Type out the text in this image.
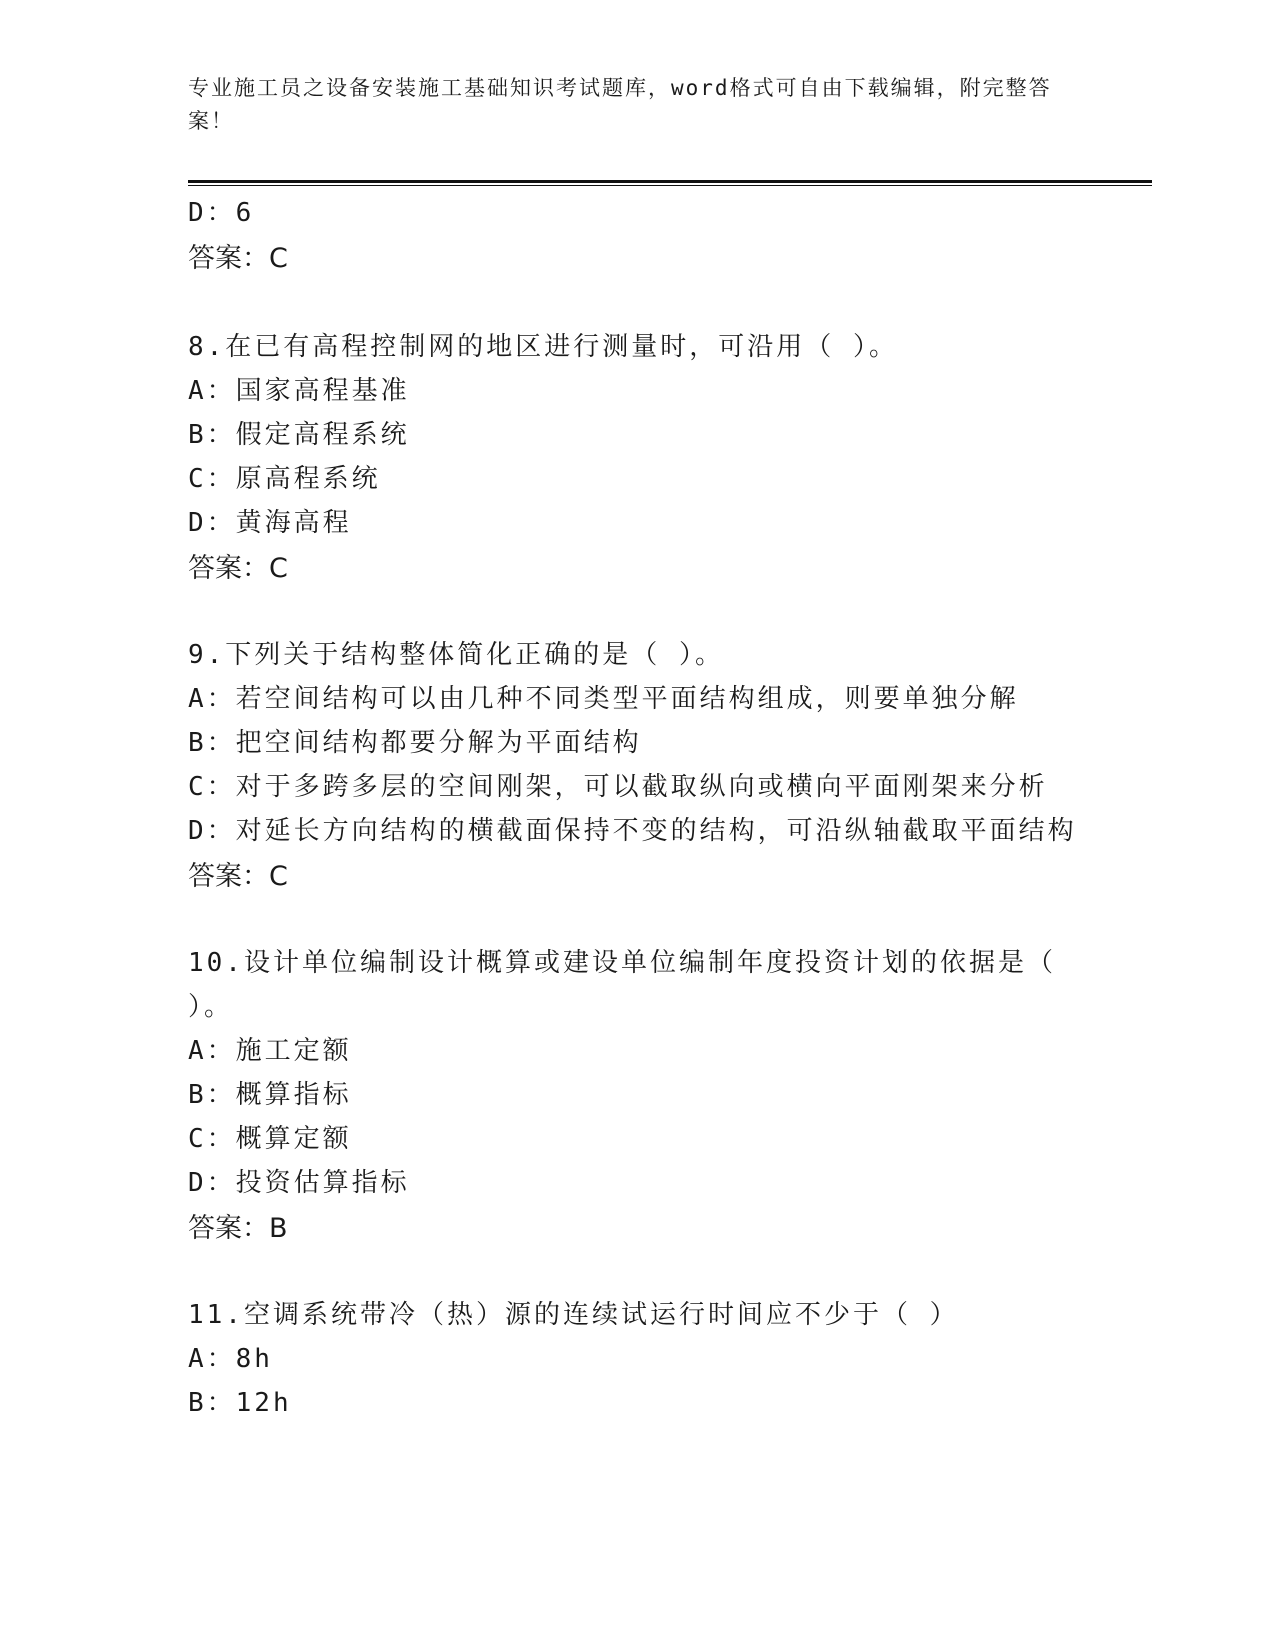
专业施工员之设备安装施工基础知识考试题库，word格式可自由下载编辑，附完整答案！
D：6
答案：C
8.在已有高程控制网的地区进行测量时，可沿用（ ）。
A：国家高程基准
B：假定高程系统
C：原高程系统
D：黄海高程
答案：C
9.下列关于结构整体简化正确的是（ ）。
A：若空间结构可以由几种不同类型平面结构组成，则要单独分解
B：把空间结构都要分解为平面结构
C：对于多跨多层的空间刚架，可以截取纵向或横向平面刚架来分析
D：对延长方向结构的横截面保持不变的结构，可沿纵轴截取平面结构
答案：C
10.设计单位编制设计概算或建设单位编制年度投资计划的依据是（
）。
A：施工定额
B：概算指标
C：概算定额
D：投资估算指标
答案：B
11.空调系统带冷（热）源的连续试运行时间应不少于（ ）
A：8h
B：12h
